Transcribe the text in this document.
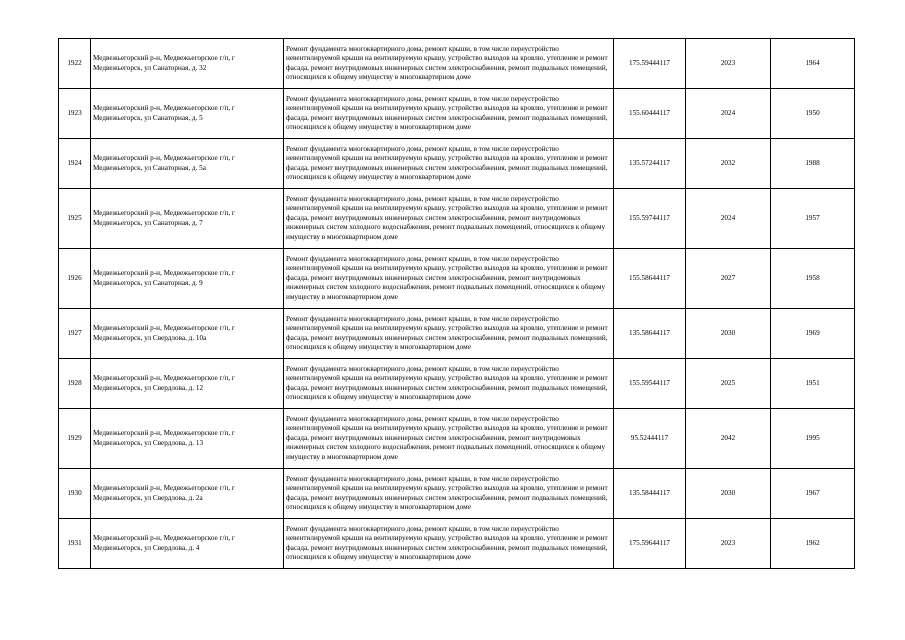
1922	Медвежьегорский р-н, Медвежьегорское г/п, г Медвежьегорск, ул Санаторная, д. 32	Ремонт фундамента многоквартирного дома, ремонт крыши, в том числе переустройство невентилируемой крыши на вентилируемую крышу, устройство выходов на кровлю, утепление и ремонт фасада, ремонт внутридомовых инженерных систем электроснабжения, ремонт подвальных помещений, относящихся к общему имуществу в многоквартирном доме	175.59444117	2023	1964
1923	Медвежьегорский р-н, Медвежьегорское г/п, г Медвежьегорск, ул Санаторная, д. 5	Ремонт фундамента многоквартирного дома, ремонт крыши, в том числе переустройство невентилируемой крыши на вентилируемую крышу, устройство выходов на кровлю, утепление и ремонт фасада, ремонт внутридомовых инженерных систем электроснабжения, ремонт подвальных помещений, относящихся к общему имуществу в многоквартирном доме	155.60444117	2024	1950
1924	Медвежьегорский р-н, Медвежьегорское г/п, г Медвежьегорск, ул Санаторная, д. 5а	Ремонт фундамента многоквартирного дома, ремонт крыши, в том числе переустройство невентилируемой крыши на вентилируемую крышу, устройство выходов на кровлю, утепление и ремонт фасада, ремонт внутридомовых инженерных систем электроснабжения, ремонт подвальных помещений, относящихся к общему имуществу в многоквартирном доме	135.57244117	2032	1988
1925	Медвежьегорский р-н, Медвежьегорское г/п, г Медвежьегорск, ул Санаторная, д. 7	Ремонт фундамента многоквартирного дома, ремонт крыши, в том числе переустройство невентилируемой крыши на вентилируемую крышу, устройство выходов на кровлю, утепление и ремонт фасада, ремонт внутридомовых инженерных систем электроснабжения, ремонт внутридомовых инженерных систем холодного водоснабжения, ремонт подвальных помещений, относящихся к общему имуществу в многоквартирном доме	155.59744117	2024	1957
1926	Медвежьегорский р-н, Медвежьегорское г/п, г Медвежьегорск, ул Санаторная, д. 9	Ремонт фундамента многоквартирного дома, ремонт крыши, в том числе переустройство невентилируемой крыши на вентилируемую крышу, устройство выходов на кровлю, утепление и ремонт фасада, ремонт внутридомовых инженерных систем электроснабжения, ремонт внутридомовых инженерных систем холодного водоснабжения, ремонт подвальных помещений, относящихся к общему имуществу в многоквартирном доме	155.58644117	2027	1958
1927	Медвежьегорский р-н, Медвежьегорское г/п, г Медвежьегорск, ул Свердлова, д. 10а	Ремонт фундамента многоквартирного дома, ремонт крыши, в том числе переустройство невентилируемой крыши на вентилируемую крышу, устройство выходов на кровлю, утепление и ремонт фасада, ремонт внутридомовых инженерных систем электроснабжения, ремонт подвальных помещений, относящихся к общему имуществу в многоквартирном доме	135.58644117	2030	1969
1928	Медвежьегорский р-н, Медвежьегорское г/п, г Медвежьегорск, ул Свердлова, д. 12	Ремонт фундамента многоквартирного дома, ремонт крыши, в том числе переустройство невентилируемой крыши на вентилируемую крышу, устройство выходов на кровлю, утепление и ремонт фасада, ремонт внутридомовых инженерных систем электроснабжения, ремонт подвальных помещений, относящихся к общему имуществу в многоквартирном доме	155.59544117	2025	1951
1929	Медвежьегорский р-н, Медвежьегорское г/п, г Медвежьегорск, ул Свердлова, д. 13	Ремонт фундамента многоквартирного дома, ремонт крыши, в том числе переустройство невентилируемой крыши на вентилируемую крышу, устройство выходов на кровлю, утепление и ремонт фасада, ремонт внутридомовых инженерных систем электроснабжения, ремонт внутридомовых инженерных систем холодного водоснабжения, ремонт подвальных помещений, относящихся к общему имуществу в многоквартирном доме	95.52444117	2042	1995
1930	Медвежьегорский р-н, Медвежьегорское г/п, г Медвежьегорск, ул Свердлова, д. 2а	Ремонт фундамента многоквартирного дома, ремонт крыши, в том числе переустройство невентилируемой крыши на вентилируемую крышу, устройство выходов на кровлю, утепление и ремонт фасада, ремонт внутридомовых инженерных систем электроснабжения, ремонт подвальных помещений, относящихся к общему имуществу в многоквартирном доме	135.58444117	2030	1967
1931	Медвежьегорский р-н, Медвежьегорское г/п, г Медвежьегорск, ул Свердлова, д. 4	Ремонт фундамента многоквартирного дома, ремонт крыши, в том числе переустройство невентилируемой крыши на вентилируемую крышу, устройство выходов на кровлю, утепление и ремонт фасада, ремонт внутридомовых инженерных систем электроснабжения, ремонт подвальных помещений, относящихся к общему имуществу в многоквартирном доме	175.59644117	2023	1962
